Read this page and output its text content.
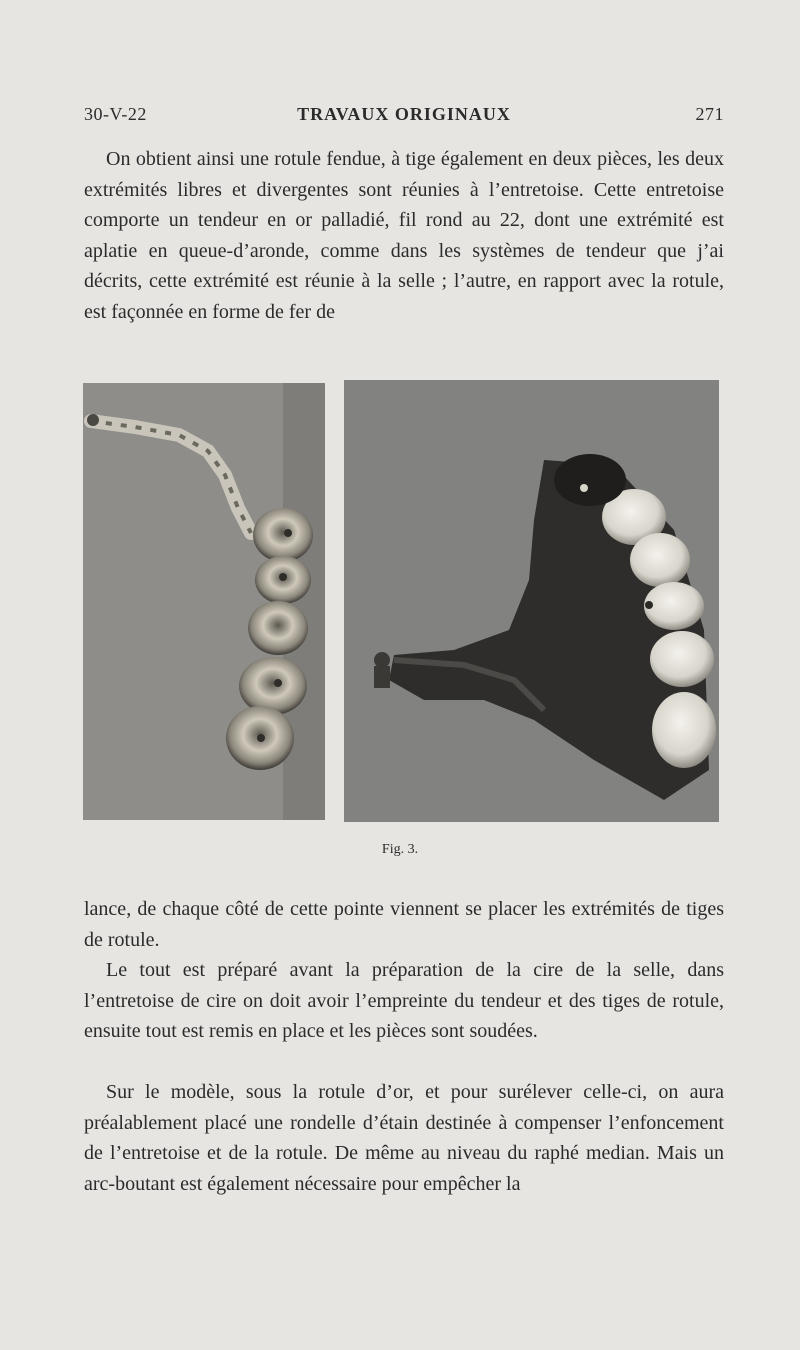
30-V-22	TRAVAUX ORIGINAUX	271

On obtient ainsi une rotule fendue, à tige également en deux pièces, les deux extrémités libres et divergentes sont réunies à l’entretoise. Cette entretoise comporte un tendeur en or palladié, fil rond au 22, dont une extrémité est aplatie en queue-d’aronde, comme dans les systèmes de tendeur que j’ai décrits, cette extrémité est réunie à la selle ; l’autre, en rapport avec la rotule, est façonnée en forme de fer de

Fig. 3.

lance, de chaque côté de cette pointe viennent se placer les extrémités de tiges de rotule.

Le tout est préparé avant la préparation de la cire de la selle, dans l’entretoise de cire on doit avoir l’empreinte du tendeur et des tiges de rotule, ensuite tout est remis en place et les pièces sont soudées.

Sur le modèle, sous la rotule d’or, et pour surélever celle-ci, on aura préalablement placé une rondelle d’étain destinée à compenser l’enfoncement de l’entretoise et de la rotule. De même au niveau du raphé median. Mais un arc-boutant est également nécessaire pour empêcher la
